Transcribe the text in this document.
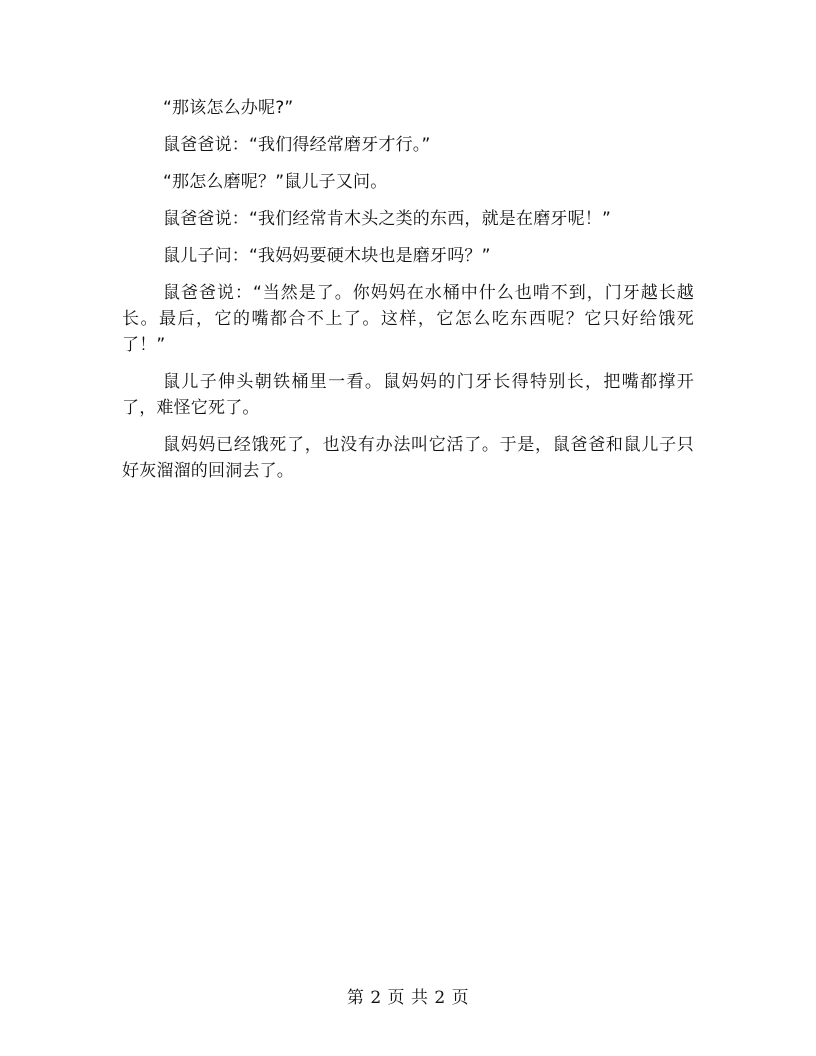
“那该怎么办呢?”

鼠爸爸说：“我们得经常磨牙才行。”

“那怎么磨呢？”鼠儿子又问。

鼠爸爸说：“我们经常肯木头之类的东西，就是在磨牙呢！”

鼠儿子问：“我妈妈要硬木块也是磨牙吗？”

鼠爸爸说：“当然是了。你妈妈在水桶中什么也啃不到，门牙越长越长。最后，它的嘴都合不上了。这样，它怎么吃东西呢？它只好给饿死了！”

鼠儿子伸头朝铁桶里一看。鼠妈妈的门牙长得特别长，把嘴都撑开了，难怪它死了。

鼠妈妈已经饿死了，也没有办法叫它活了。于是，鼠爸爸和鼠儿子只好灰溜溜的回洞去了。

第 2 页 共 2 页
